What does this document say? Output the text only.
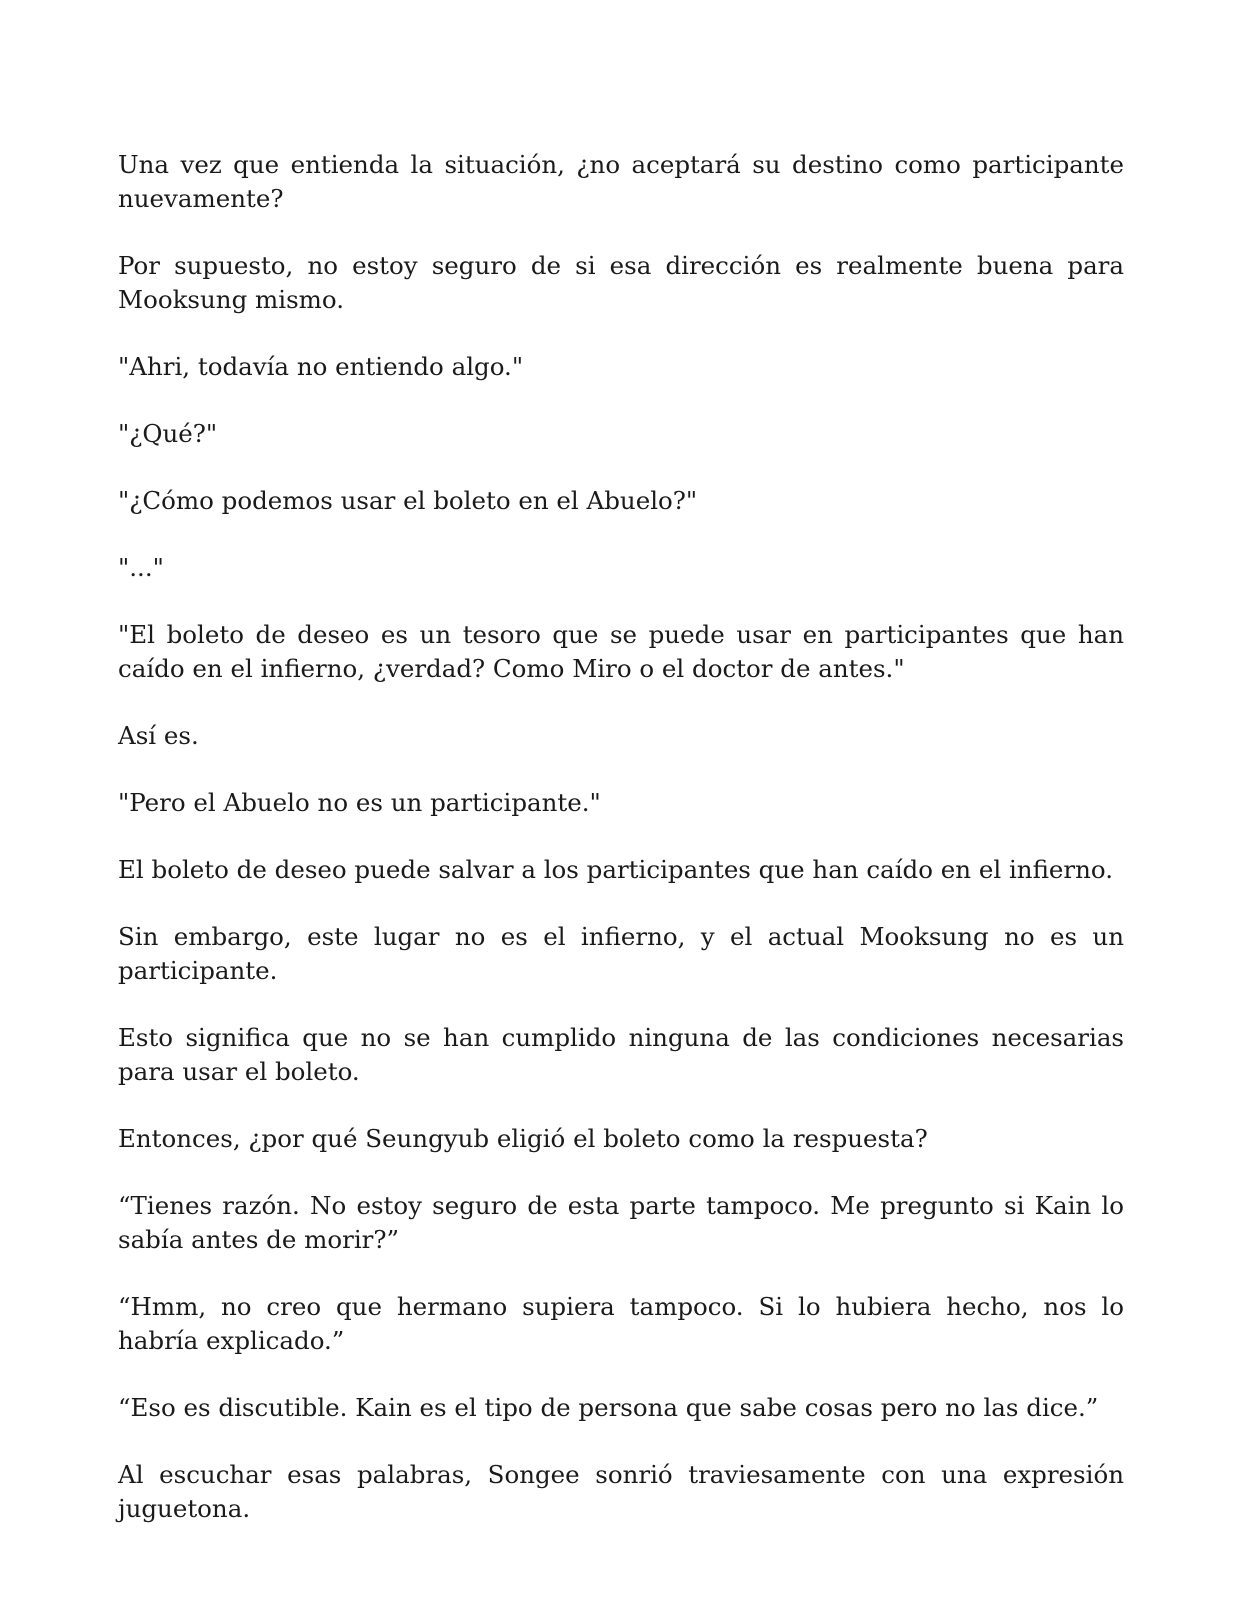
Una vez que entienda la situación, ¿no aceptará su destino como participante nuevamente?

Por supuesto, no estoy seguro de si esa dirección es realmente buena para Mooksung mismo.

"Ahri, todavía no entiendo algo."

"¿Qué?"

"¿Cómo podemos usar el boleto en el Abuelo?"

"..."

"El boleto de deseo es un tesoro que se puede usar en participantes que han caído en el infierno, ¿verdad? Como Miro o el doctor de antes."

Así es.

"Pero el Abuelo no es un participante."

El boleto de deseo puede salvar a los participantes que han caído en el infierno.

Sin embargo, este lugar no es el infierno, y el actual Mooksung no es un participante.

Esto significa que no se han cumplido ninguna de las condiciones necesarias para usar el boleto.

Entonces, ¿por qué Seungyub eligió el boleto como la respuesta?

“Tienes razón. No estoy seguro de esta parte tampoco. Me pregunto si Kain lo sabía antes de morir?”

“Hmm, no creo que hermano supiera tampoco. Si lo hubiera hecho, nos lo habría explicado.”

“Eso es discutible. Kain es el tipo de persona que sabe cosas pero no las dice.”

Al escuchar esas palabras, Songee sonrió traviesamente con una expresión juguetona.
